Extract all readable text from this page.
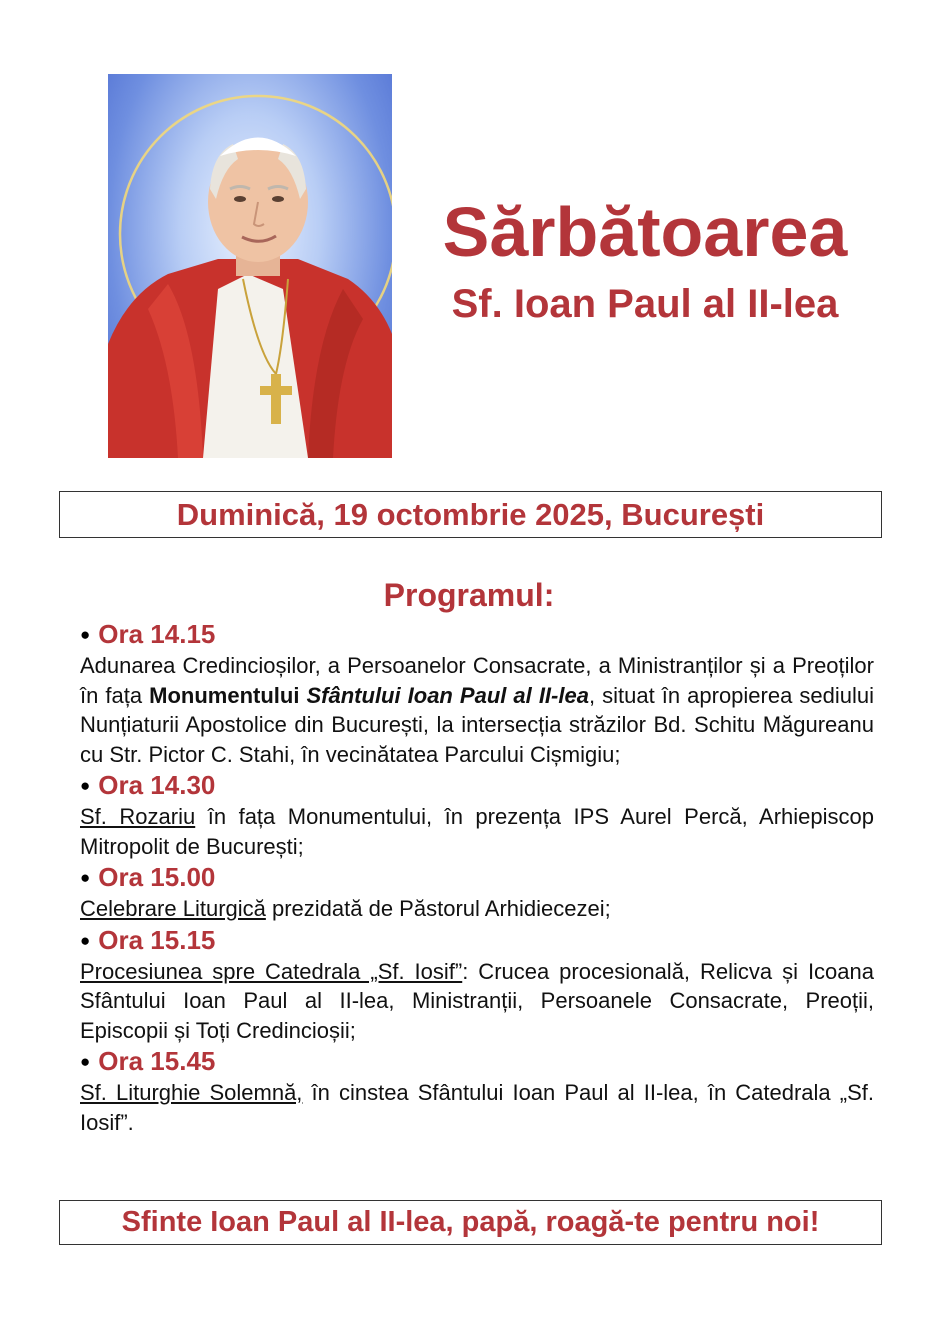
Sărbătoarea
Sf. Ioan Paul al II-lea
Duminică, 19 octombrie 2025, București
Programul:
● Ora 14.15
Adunarea Credincioșilor, a Persoanelor Consacrate, a Ministranților și a Preoților în fața Monumentului Sfântului Ioan Paul al II-lea, situat în apropierea sediului Nunțiaturii Apostolice din București, la intersecția străzilor Bd. Schitu Măgureanu cu Str. Pictor C. Stahi, în vecinătatea Parcului Cișmigiu;
● Ora 14.30
Sf. Rozariu în fața Monumentului, în prezența IPS Aurel Percă, Arhiepiscop Mitropolit de București;
● Ora 15.00
Celebrare Liturgică prezidată de Păstorul Arhidiecezei;
● Ora 15.15
Procesiunea spre Catedrala „Sf. Iosif”: Crucea procesională, Relicva și Icoana Sfântului Ioan Paul al II-lea, Ministranții, Persoanele Consacrate, Preoții, Episcopii și Toți Credincioșii;
● Ora 15.45
Sf. Liturghie Solemnă, în cinstea Sfântului Ioan Paul al II-lea, în Catedrala „Sf. Iosif”.
Sfinte Ioan Paul al II-lea, papă, roagă-te pentru noi!
